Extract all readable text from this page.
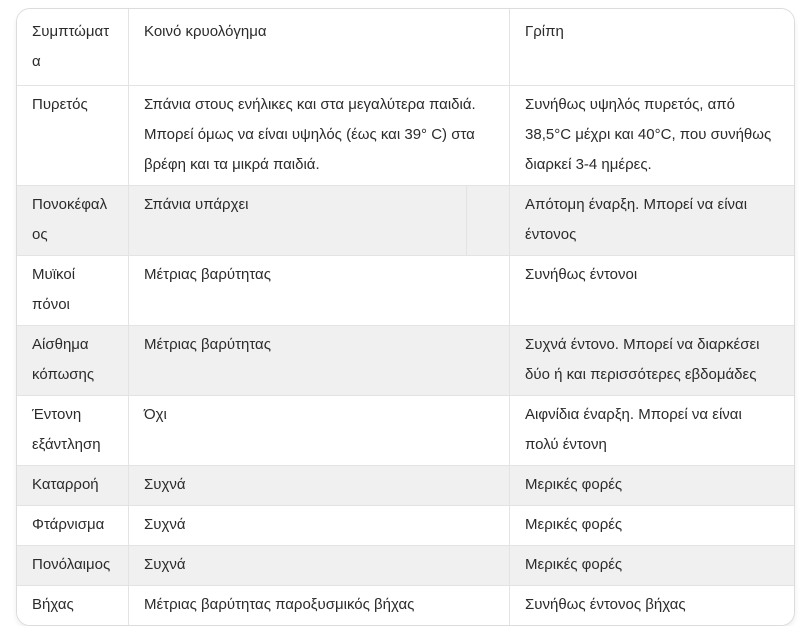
Συμπτώματα	Κοινό κρυολόγημα		Γρίπη
Πυρετός	Σπάνια στους ενήλικες και στα μεγαλύτερα παιδιά. Μπορεί όμως να είναι υψηλός (έως και 39° C) στα βρέφη και τα μικρά παιδιά.		Συνήθως υψηλός πυρετός, από 38,5°C μέχρι και 40°C, που συνήθως διαρκεί 3-4 ημέρες.
Πονοκέφαλος	Σπάνια υπάρχει		Απότομη έναρξη. Μπορεί να είναι έντονος
Μυϊκοί πόνοι	Μέτριας βαρύτητας		Συνήθως έντονοι
Αίσθημα κόπωσης	Μέτριας βαρύτητας		Συχνά έντονο. Μπορεί να διαρκέσει δύο ή και περισσότερες εβδομάδες
Έντονη εξάντληση	Όχι		Αιφνίδια έναρξη. Μπορεί να είναι πολύ έντονη
Καταρροή	Συχνά		Μερικές φορές
Φτάρνισμα	Συχνά		Μερικές φορές
Πονόλαιμος	Συχνά		Μερικές φορές
Βήχας	Μέτριας βαρύτητας παροξυσμικός βήχας		Συνήθως έντονος βήχας
